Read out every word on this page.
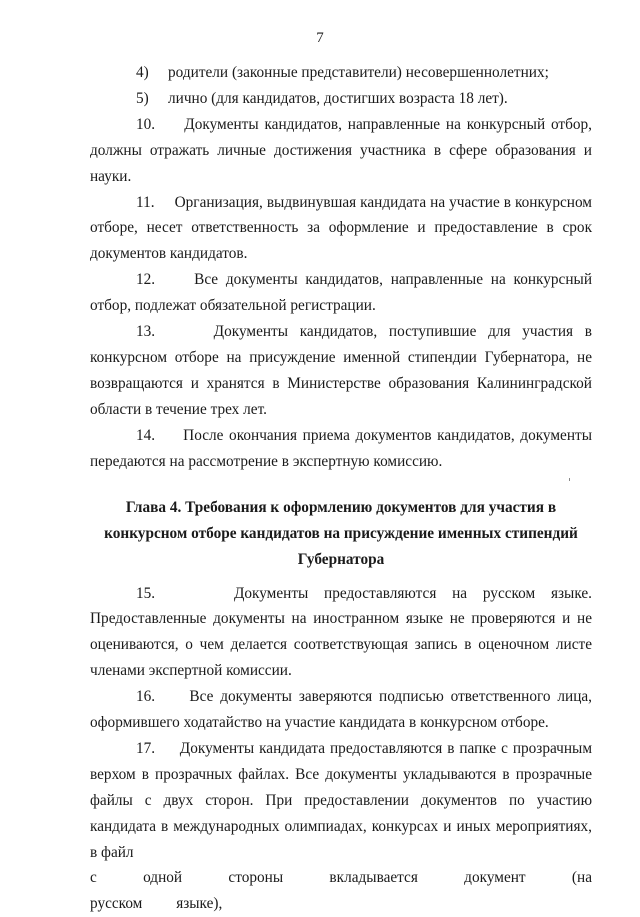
7
4)	родители (законные представители) несовершеннолетних;
5)	лично (для кандидатов, достигших возраста 18 лет).

10. Документы кандидатов, направленные на конкурсный отбор, должны отражать личные достижения участника в сфере образования и науки.

11. Организация, выдвинувшая кандидата на участие в конкурсном отборе, несет ответственность за оформление и предоставление в срок документов кандидатов.

12.	Все документы кандидатов, направленные на конкурсный отбор, подлежат обязательной регистрации.

13.	Документы кандидатов, поступившие для участия в конкурсном отборе на присуждение именной стипендии Губернатора, не возвращаются и хранятся в Министерстве образования Калининградской области в течение трех лет.

14. После окончания приема документов кандидатов, документы передаются на рассмотрение в экспертную комиссию.

Глава 4. Требования к оформлению документов для участия в конкурсном отборе кандидатов на присуждение именных стипендий Губернатора

15.	Документы предоставляются на русском языке. Предоставленные документы на иностранном языке не проверяются и не оцениваются, о чем делается соответствующая запись в оценочном листе членами экспертной комиссии.

16. Все документы заверяются подписью ответственного лица, оформившего ходатайство на участие кандидата в конкурсном отборе.

17. Документы кандидата предоставляются в папке с прозрачным верхом в прозрачных файлах. Все документы укладываются в прозрачные файлы с двух сторон. При предоставлении документов по участию кандидата в международных олимпиадах, конкурсах и иных мероприятиях, в файл

с одной стороны вкладывается документ (на русском языке),
